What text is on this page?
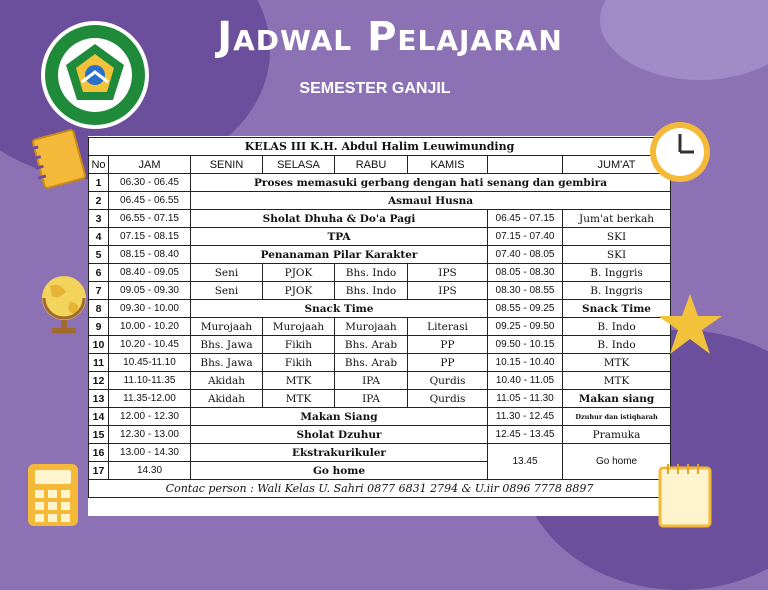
Jadwal Pelajaran
SEMESTER GANJIL
KELAS III K.H. Abdul Halim Leuwimunding							
No	JAM	SENIN	SELASA	RABU	KAMIS		JUM'AT
1	06.30 - 06.45	Proses memasuki gerbang dengan hati senang dan gembira					
2	06.45 - 06.55	Asmaul Husna					
3	06.55 - 07.15	Sholat Dhuha & Do'a Pagi				06.45 - 07.15	Jum'at berkah
4	07.15 - 08.15	TPA				07.15 - 07.40	SKI
5	08.15 - 08.40	Penanaman Pilar Karakter				07.40 - 08.05	SKI
6	08.40 - 09.05	Seni	PJOK	Bhs. Indo	IPS	08.05 - 08.30	B. Inggris
7	09.05 - 09.30	Seni	PJOK	Bhs. Indo	IPS	08.30 - 08.55	B. Inggris
8	09.30 - 10.00	Snack Time				08.55 - 09.25	Snack Time
9	10.00 - 10.20	Murojaah	Murojaah	Murojaah	Literasi	09.25 - 09.50	B. Indo
10	10.20 - 10.45	Bhs. Jawa	Fikih	Bhs. Arab	PP	09.50 - 10.15	B. Indo
11	10.45-11.10	Bhs. Jawa	Fikih	Bhs. Arab	PP	10.15 - 10.40	MTK
12	11.10-11.35	Akidah	MTK	IPA	Qurdis	10.40 - 11.05	MTK
13	11.35-12.00	Akidah	MTK	IPA	Qurdis	11.05 - 11.30	Makan siang
14	12.00 - 12.30	Makan Siang				11.30 - 12.45	Dzuhur dan istiqharah
15	12.30 - 13.00	Sholat Dzuhur				12.45 - 13.45	Pramuka
16	13.00 - 14.30	Ekstrakurikuler				13.45	Go home
17	14.30	Go home					
Contac person : Wali Kelas U. Sahri 0877 6831 2794 & U.iir 0896 7778 8897							
